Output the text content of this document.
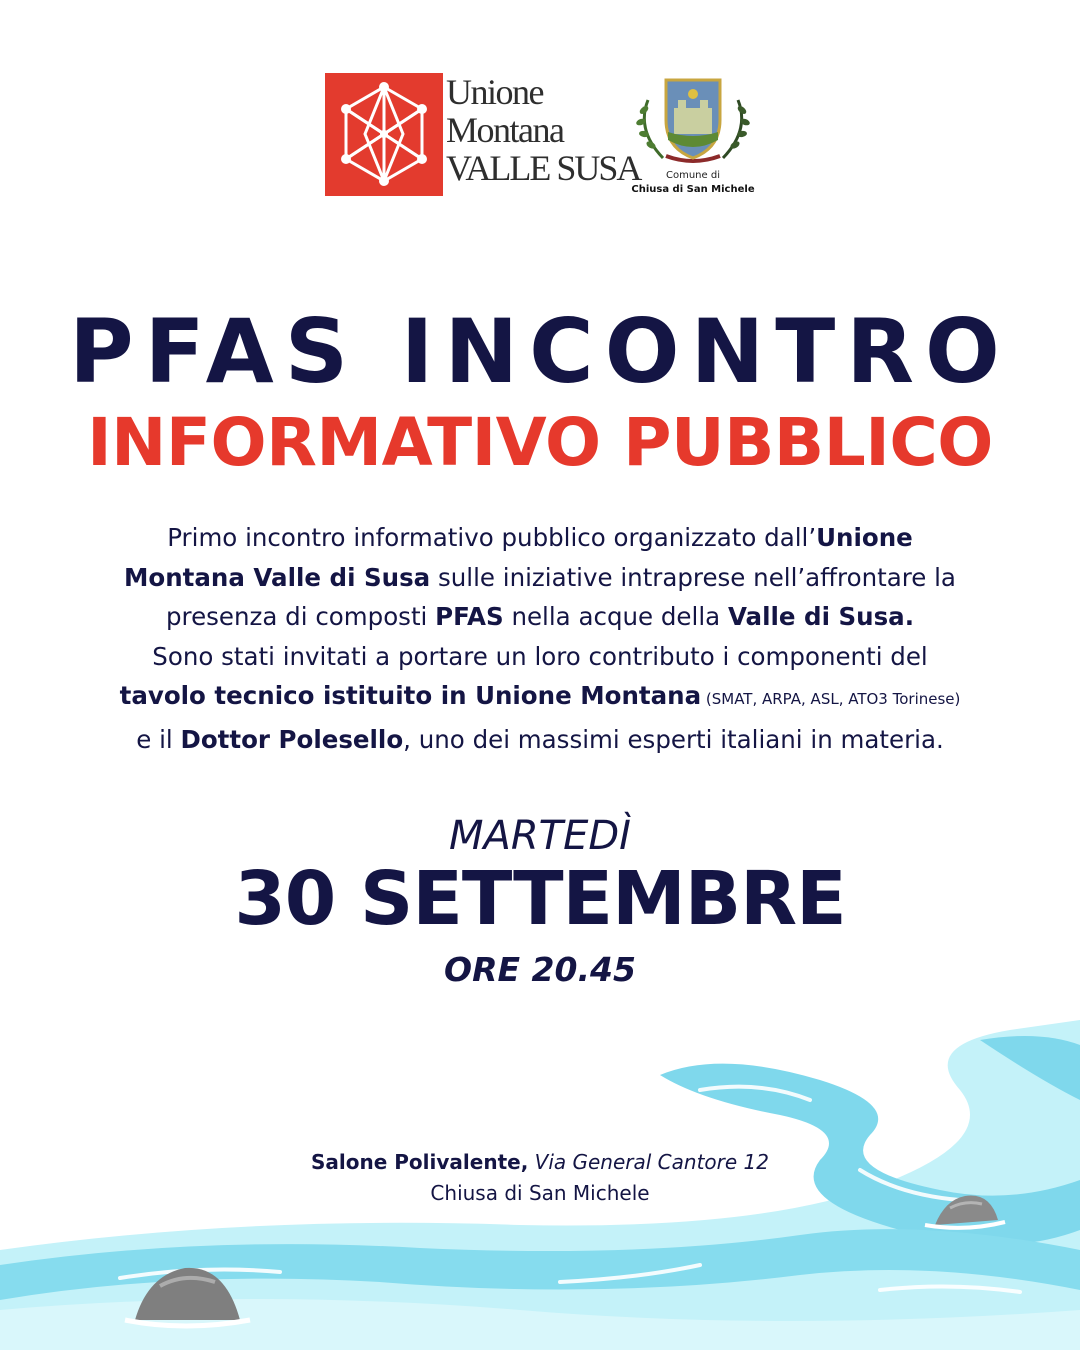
Unione
Montana
VALLE SUSA	Comune di
Chiusa di San Michele
PFAS INCONTRO
INFORMATIVO PUBBLICO
Primo incontro informativo pubblico organizzato dall’Unione
Montana Valle di Susa sulle iniziative intraprese nell’affrontare la
presenza di composti PFAS nella acque della Valle di Susa.
Sono stati invitati a portare un loro contributo i componenti del
tavolo tecnico istituito in Unione Montana (SMAT, ARPA, ASL, ATO3 Torinese)
e il Dottor Polesello, uno dei massimi esperti italiani in materia.
MARTEDÌ
30 SETTEMBRE
ORE 20.45
Salone Polivalente, Via General Cantore 12
Chiusa di San Michele
